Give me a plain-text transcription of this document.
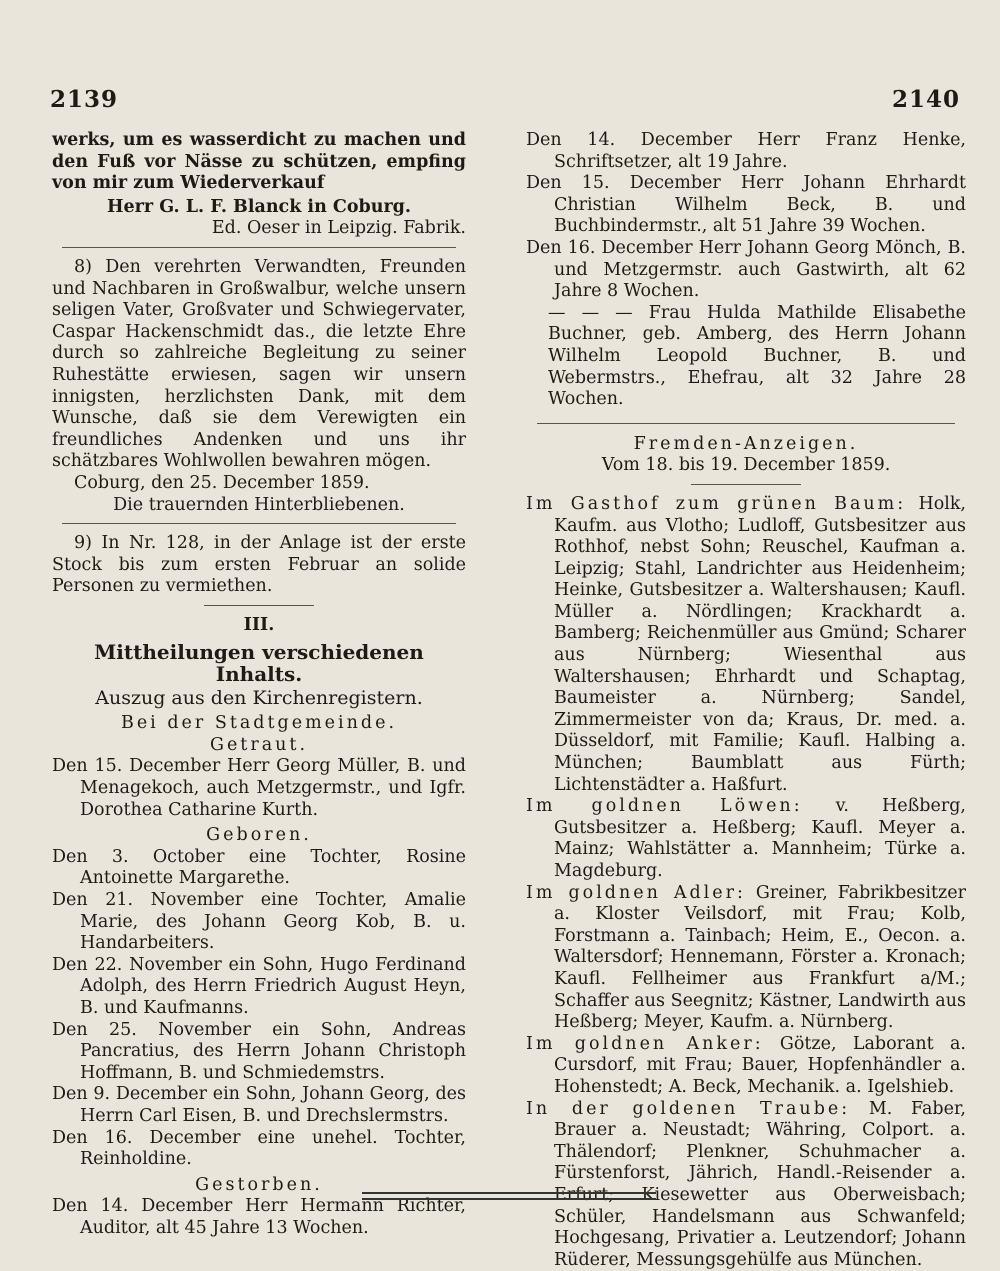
2139	2140

werks, um es wasserdicht zu machen und den Fuß vor Nässe zu schützen, empfing von mir zum Wiederverkauf

Herr G. L. F. Blanck in Coburg.

Ed. Oeser in Leipzig. Fabrik.

8) Den verehrten Verwandten, Freunden und Nachbaren in Großwalbur, welche unsern seligen Vater, Großvater und Schwiegervater, Caspar Hackenschmidt das., die letzte Ehre durch so zahlreiche Begleitung zu seiner Ruhestätte erwiesen, sagen wir unsern innigsten, herzlichsten Dank, mit dem Wunsche, daß sie dem Verewigten ein freundliches Andenken und uns ihr schätzbares Wohlwollen bewahren mögen.

Coburg, den 25. December 1859.

Die trauernden Hinterbliebenen.

9) In Nr. 128, in der Anlage ist der erste Stock bis zum ersten Februar an solide Personen zu vermiethen.

III.

Mittheilungen verschiedenen Inhalts.

Auszug aus den Kirchenregistern.

Bei der Stadtgemeinde.

Getraut.

Den 15. December Herr Georg Müller, B. und Menagekoch, auch Metzgermstr., und Igfr. Dorothea Catharine Kurth.

Geboren.

Den 3. October eine Tochter, Rosine Antoinette Margarethe.

Den 21. November eine Tochter, Amalie Marie, des Johann Georg Kob, B. u. Handarbeiters.

Den 22. November ein Sohn, Hugo Ferdinand Adolph, des Herrn Friedrich August Heyn, B. und Kaufmanns.

Den 25. November ein Sohn, Andreas Pancratius, des Herrn Johann Christoph Hoffmann, B. und Schmiedemstrs.

Den 9. December ein Sohn, Johann Georg, des Herrn Carl Eisen, B. und Drechslermstrs.

Den 16. December eine unehel. Tochter, Reinholdine.

Gestorben.

Den 14. December Herr Hermann Richter, Auditor, alt 45 Jahre 13 Wochen.

Den 14. December Herr Franz Henke, Schriftsetzer, alt 19 Jahre.

Den 15. December Herr Johann Ehrhardt Christian Wilhelm Beck, B. und Buchbindermstr., alt 51 Jahre 39 Wochen.

Den 16. December Herr Johann Georg Mönch, B. und Metzgermstr. auch Gastwirth, alt 62 Jahre 8 Wochen.

— — — Frau Hulda Mathilde Elisabethe Buchner, geb. Amberg, des Herrn Johann Wilhelm Leopold Buchner, B. und Webermstrs., Ehefrau, alt 32 Jahre 28 Wochen.

Fremden-Anzeigen.

Vom 18. bis 19. December 1859.

Im Gasthof zum grünen Baum: Holk, Kaufm. aus Vlotho; Ludloff, Gutsbesitzer aus Rothhof, nebst Sohn; Reuschel, Kaufman a. Leipzig; Stahl, Landrichter aus Heidenheim; Heinke, Gutsbesitzer a. Waltershausen; Kaufl. Müller a. Nördlingen; Krackhardt a. Bamberg; Reichenmüller aus Gmünd; Scharer aus Nürnberg; Wiesenthal aus Waltershausen; Ehrhardt und Schaptag, Baumeister a. Nürnberg; Sandel, Zimmermeister von da; Kraus, Dr. med. a. Düsseldorf, mit Familie; Kaufl. Halbing a. München; Baumblatt aus Fürth; Lichtenstädter a. Haßfurt.

Im goldnen Löwen: v. Heßberg, Gutsbesitzer a. Heßberg; Kaufl. Meyer a. Mainz; Wahlstätter a. Mannheim; Türke a. Magdeburg.

Im goldnen Adler: Greiner, Fabrikbesitzer a. Kloster Veilsdorf, mit Frau; Kolb, Forstmann a. Tainbach; Heim, E., Oecon. a. Waltersdorf; Hennemann, Förster a. Kronach; Kaufl. Fellheimer aus Frankfurt a/M.; Schaffer aus Seegnitz; Kästner, Landwirth aus Heßberg; Meyer, Kaufm. a. Nürnberg.

Im goldnen Anker: Götze, Laborant a. Cursdorf, mit Frau; Bauer, Hopfenhändler a. Hohenstedt; A. Beck, Mechanik. a. Igelshieb.

In der goldenen Traube: M. Faber, Brauer a. Neustadt; Währing, Colport. a. Thälendorf; Plenkner, Schuhmacher a. Fürstenforst, Jährich, Handl.-Reisender a. Erfurt; Kiesewetter aus Oberweisbach; Schüler, Handelsmann aus Schwanfeld; Hochgesang, Privatier a. Leutzendorf; Johann Rüderer, Messungsgehülfe aus München.
